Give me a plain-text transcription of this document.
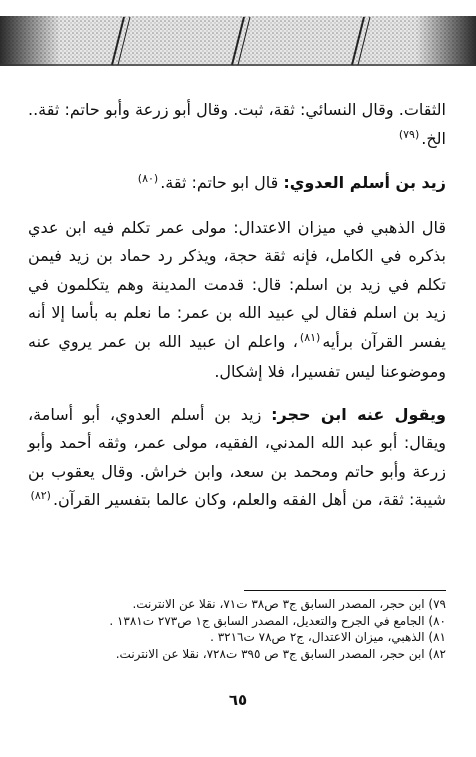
الثقات. وقال النسائي: ثقة، ثبت. وقال أبو زرعة وأبو حاتم: ثقة.. الخ.$^{(٧٩)}$

زيد بن أسلم العدوي: قال ابو حاتم: ثقة.$^{(٨٠)}$

قال الذهبي في ميزان الاعتدال: مولى عمر تكلم فيه ابن عدي بذكره في الكامل، فإنه ثقة حجة، ويذكر رد حماد بن زيد فيمن تكلم في زيد بن اسلم: قال: قدمت المدينة وهم يتكلمون في زيد بن اسلم فقال لي عبيد الله بن عمر: ما نعلم به بأسا إلا أنه يفسر القرآن برأيه$^{(٨١)}$، واعلم ان عبيد الله بن عمر يروي عنه وموضوعنا ليس تفسيرا، فلا إشكال.

ويقول عنه ابن حجر: زيد بن أسلم العدوي، أبو أسامة، ويقال: أبو عبد الله المدني، الفقيه، مولى عمر، وثقه أحمد وأبو زرعة وأبو حاتم ومحمد بن سعد، وابن خراش. وقال يعقوب بن شيبة: ثقة، من أهل الفقه والعلم، وكان عالما بتفسير القرآن.$^{(٨٢)}$

٧٩) ابن حجر، المصدر السابق ج٣ ص٣٨ ت٧١، نقلا عن الانترنت.
٨٠) الجامع في الجرح والتعديل، المصدر السابق ج١ ص٢٧٣ ت١٣٨١ .
٨١) الذهبي، ميزان الاعتدال، ج٢ ص٧٨ ت٣٢١٦ .
٨٢) ابن حجر، المصدر السابق ج٣ ص ٣٩٥ ت٧٢٨، نقلا عن الانترنت.
٦٥
